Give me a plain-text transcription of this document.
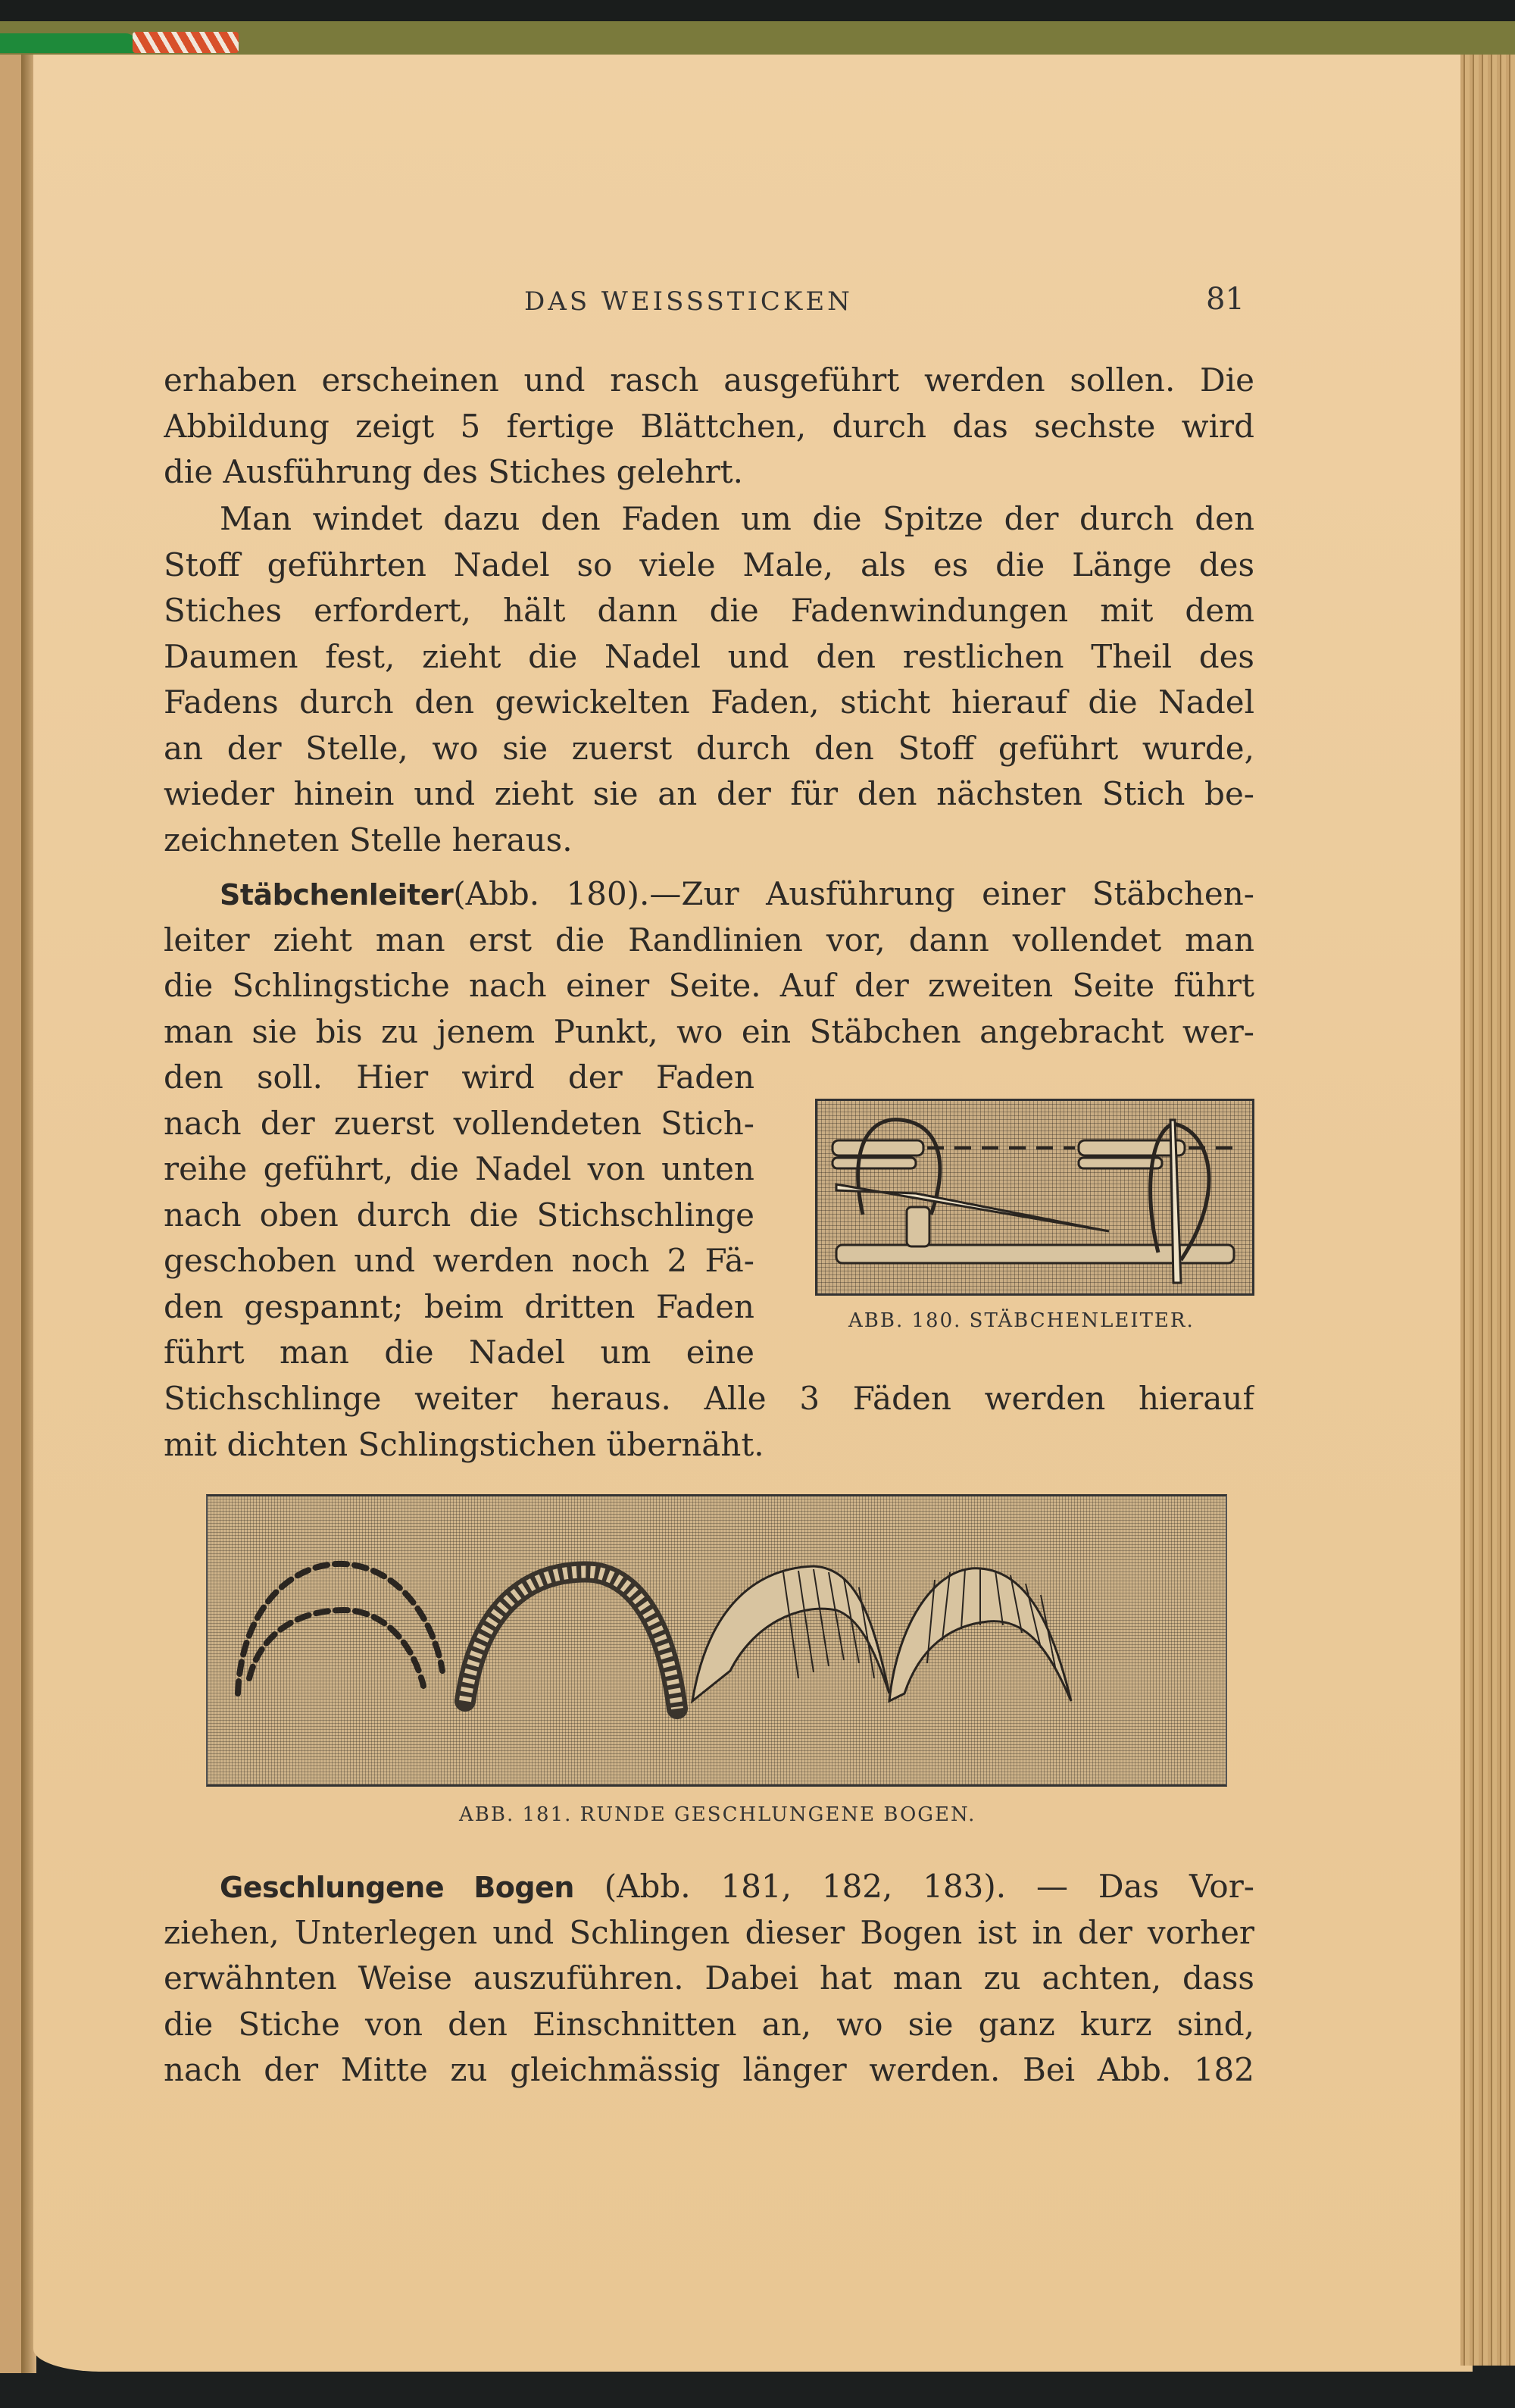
DAS WEISSSTICKEN	81
erhaben erscheinen und rasch ausgeführt werden sollen. Die
Abbildung zeigt 5 fertige Blättchen, durch das sechste wird
die Ausführung des Stiches gelehrt.
Man windet dazu den Faden um die Spitze der durch den
Stoff geführten Nadel so viele Male, als es die Länge des
Stiches erfordert, hält dann die Fadenwindungen mit dem
Daumen fest, zieht die Nadel und den restlichen Theil des
Fadens durch den gewickelten Faden, sticht hierauf die Nadel
an der Stelle, wo sie zuerst durch den Stoff geführt wurde,
wieder hinein und zieht sie an der für den nächsten Stich be-
zeichneten Stelle heraus.
Stäbchenleiter(Abb. 180).—Zur Ausführung einer Stäbchen-
leiter zieht man erst die Randlinien vor, dann vollendet man
die Schlingstiche nach einer Seite. Auf der zweiten Seite führt
man sie bis zu jenem Punkt, wo ein Stäbchen angebracht wer-
den soll. Hier wird der Faden
nach der zuerst vollendeten Stich-
reihe geführt, die Nadel von unten
nach oben durch die Stichschlinge
geschoben und werden noch 2 Fä-
den gespannt; beim dritten Faden
führt man die Nadel um eine
Stichschlinge weiter heraus. Alle 3 Fäden werden hierauf
mit dichten Schlingstichen übernäht.
ABB. 180. STÄBCHENLEITER.
ABB. 181. RUNDE GESCHLUNGENE BOGEN.
Geschlungene Bogen (Abb. 181, 182, 183). — Das Vor-
ziehen, Unterlegen und Schlingen dieser Bogen ist in der vorher
erwähnten Weise auszuführen. Dabei hat man zu achten, dass
die Stiche von den Einschnitten an, wo sie ganz kurz sind,
nach der Mitte zu gleichmässig länger werden. Bei Abb. 182
